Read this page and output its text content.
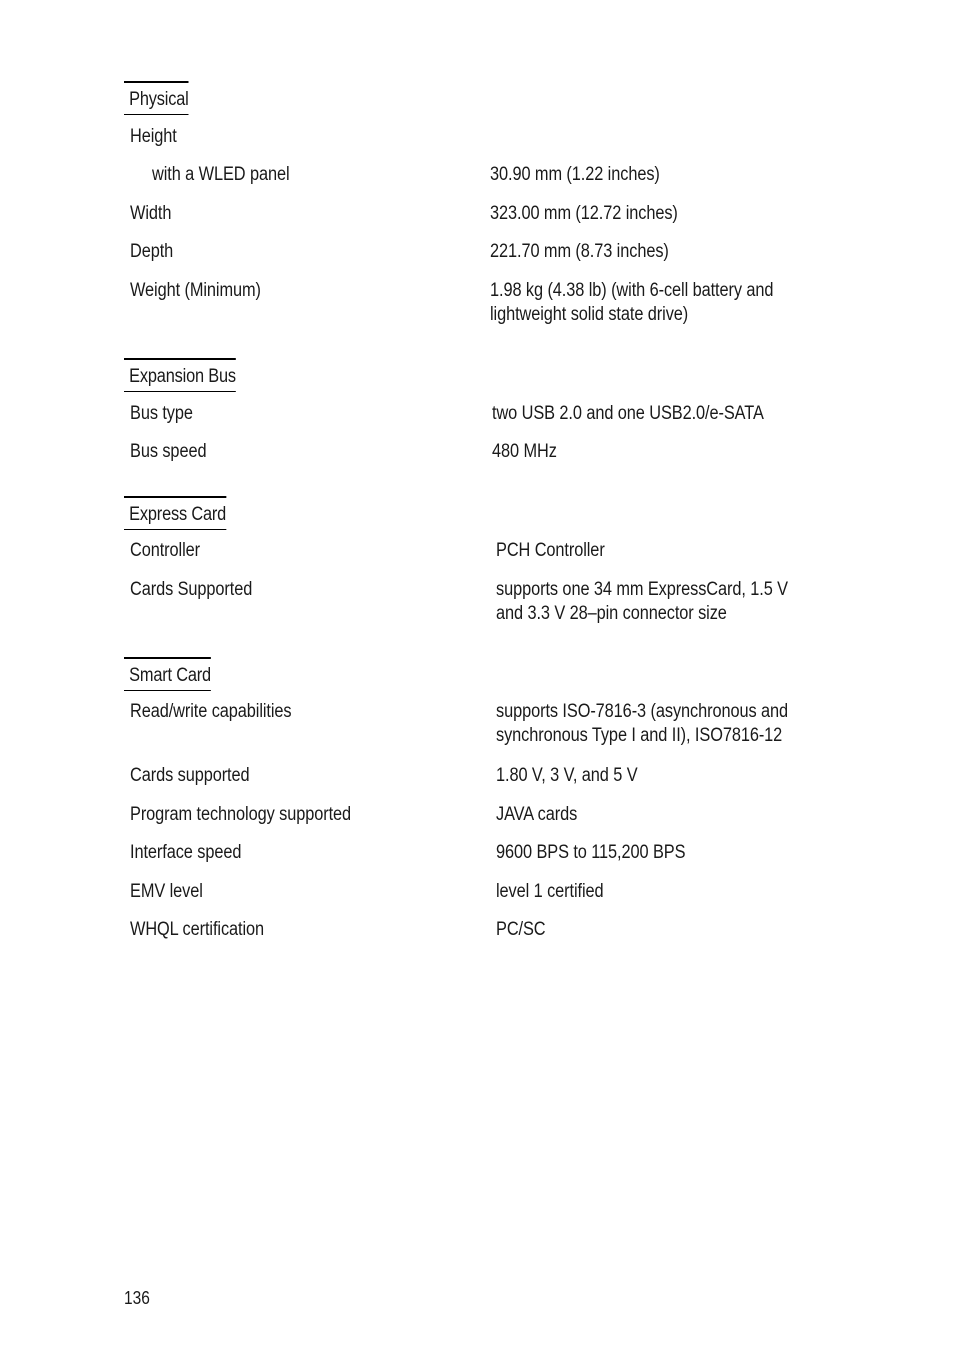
Physical
Height
with a WLED panel	30.90 mm (1.22 inches)
Width	323.00 mm (12.72 inches)
Depth	221.70 mm (8.73 inches)
Weight (Minimum)	1.98 kg (4.38 lb) (with 6-cell battery and
lightweight solid state drive)
Expansion Bus
Bus type	two USB 2.0 and one USB2.0/e-SATA
Bus speed	480 MHz
Express Card
Controller	PCH Controller
Cards Supported	supports one 34 mm ExpressCard, 1.5 V
and 3.3 V 28–pin connector size
Smart Card
Read/write capabilities	supports ISO-7816-3 (asynchronous and
synchronous Type I and II), ISO7816-12
Cards supported	1.80 V, 3 V, and 5 V
Program technology supported	JAVA cards
Interface speed	9600 BPS to 115,200 BPS
EMV level	level 1 certified
WHQL certification	PC/SC
136
